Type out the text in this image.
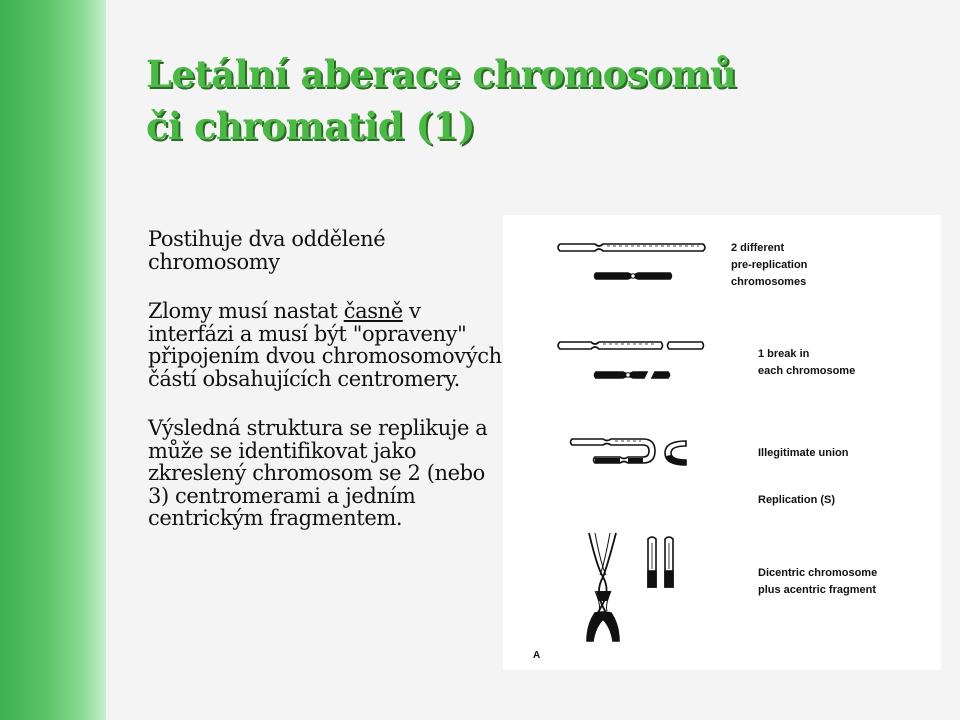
Letální aberace chromosomů
či chromatid (1)

Postihuje dva oddělené chromosomy

Zlomy musí nastat časně v interfázi a musí být "opraveny" připojením dvou chromosomových částí obsahujících centromery.

Výsledná struktura se replikuje a může se identifikovat jako zkreslený chromosom se 2 (nebo 3) centromerami a jedním centrickým fragmentem.

2 different
pre-replication
chromosomes
1 break in
each chromosome
Illegitimate union
Replication (S)
Dicentric chromosome
plus acentric fragment
A
